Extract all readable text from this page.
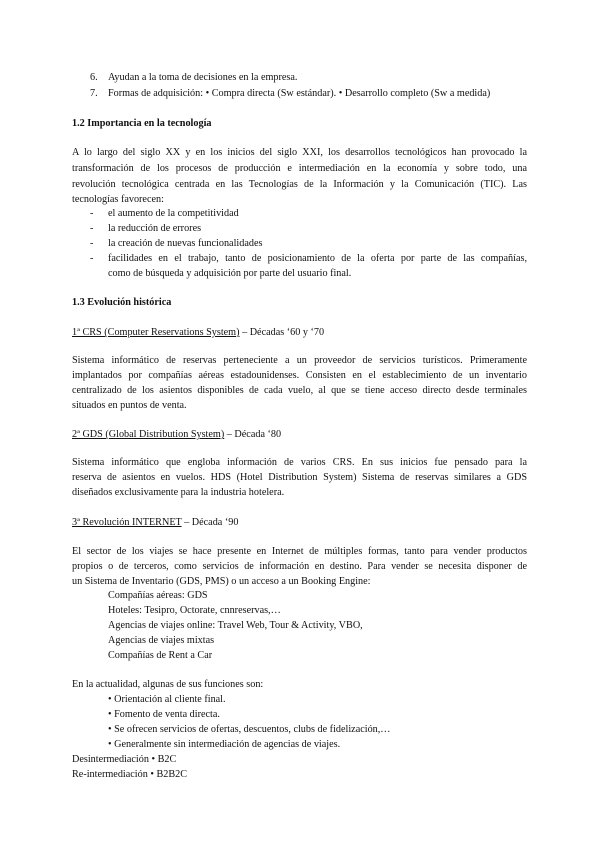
6. Ayudan a la toma de decisiones en la empresa.
7. Formas de adquisición: • Compra directa (Sw estándar). • Desarrollo completo (Sw a medida)
1.2 Importancia en la tecnología
A lo largo del siglo XX y en los inicios del siglo XXI, los desarrollos tecnológicos han provocado la
transformación de los procesos de producción e intermediación en la economía y sobre todo, una
revolución tecnológica centrada en las Tecnologías de la Información y la Comunicación (TIC). Las
tecnologías favorecen:
- el aumento de la competitividad
- la reducción de errores
- la creación de nuevas funcionalidades
- facilidades en el trabajo, tanto de posicionamiento de la oferta por parte de las compañías,
como de búsqueda y adquisición por parte del usuario final.
1.3 Evolución histórica
1ª CRS (Computer Reservations System) – Décadas ‘60 y ‘70
Sistema informático de reservas perteneciente a un proveedor de servicios turísticos. Primeramente
implantados por compañías aéreas estadounidenses. Consisten en el establecimiento de un inventario
centralizado de los asientos disponibles de cada vuelo, al que se tiene acceso directo desde terminales
situados en puntos de venta.
2ª GDS (Global Distribution System) – Década ‘80
Sistema informático que engloba información de varios CRS. En sus inicios fue pensado para la
reserva de asientos en vuelos. HDS (Hotel Distribution System) Sistema de reservas similares a GDS
diseñados exclusivamente para la industria hotelera.
3ª Revolución INTERNET – Década ‘90
El sector de los viajes se hace presente en Internet de múltiples formas, tanto para vender productos
propios o de terceros, como servicios de información en destino. Para vender se necesita disponer de
un Sistema de Inventario (GDS, PMS) o un acceso a un Booking Engine:
Compañías aéreas: GDS
Hoteles: Tesipro, Octorate, cnnreservas,…
Agencias de viajes online: Travel Web, Tour & Activity, VBO,
Agencias de viajes mixtas
Compañías de Rent a Car
En la actualidad, algunas de sus funciones son:
• Orientación al cliente final.
• Fomento de venta directa.
• Se ofrecen servicios de ofertas, descuentos, clubs de fidelización,…
• Generalmente sin intermediación de agencias de viajes.
Desintermediación • B2C
Re-intermediación • B2B2C
